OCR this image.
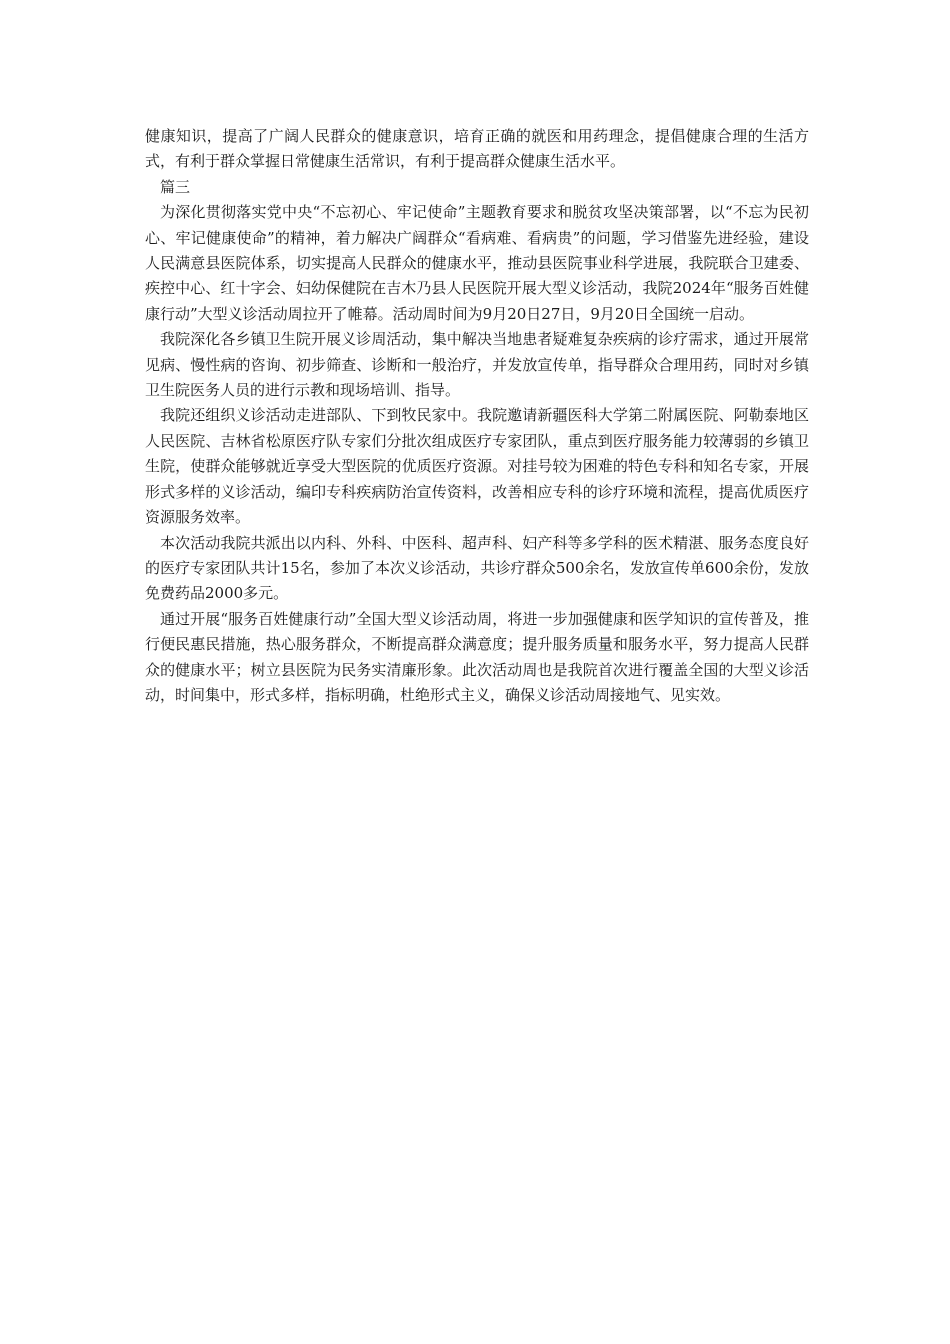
健康知识，提高了广阔人民群众的健康意识，培育正确的就医和用药理念，提倡健康合理的生活方式，有利于群众掌握日常健康生活常识，有利于提高群众健康生活水平。

篇三

为深化贯彻落实党中央“不忘初心、牢记使命”主题教育要求和脱贫攻坚决策部署，以“不忘为民初心、牢记健康使命”的精神，着力解决广阔群众“看病难、看病贵”的问题，学习借鉴先进经验，建设人民满意县医院体系，切实提高人民群众的健康水平，推动县医院事业科学进展，我院联合卫建委、疾控中心、红十字会、妇幼保健院在吉木乃县人民医院开展大型义诊活动，我院2024年“服务百姓健康行动”大型义诊活动周拉开了帷幕。活动周时间为9月20日27日，9月20日全国统一启动。

我院深化各乡镇卫生院开展义诊周活动，集中解决当地患者疑难复杂疾病的诊疗需求，通过开展常见病、慢性病的咨询、初步筛查、诊断和一般治疗，并发放宣传单，指导群众合理用药，同时对乡镇卫生院医务人员的进行示教和现场培训、指导。

我院还组织义诊活动走进部队、下到牧民家中。我院邀请新疆医科大学第二附属医院、阿勒泰地区人民医院、吉林省松原医疗队专家们分批次组成医疗专家团队，重点到医疗服务能力较薄弱的乡镇卫生院，使群众能够就近享受大型医院的优质医疗资源。对挂号较为困难的特色专科和知名专家，开展形式多样的义诊活动，编印专科疾病防治宣传资料，改善相应专科的诊疗环境和流程，提高优质医疗资源服务效率。

本次活动我院共派出以内科、外科、中医科、超声科、妇产科等多学科的医术精湛、服务态度良好的医疗专家团队共计15名，参加了本次义诊活动，共诊疗群众500余名，发放宣传单600余份，发放免费药品2000多元。

通过开展“服务百姓健康行动”全国大型义诊活动周，将进一步加强健康和医学知识的宣传普及，推行便民惠民措施，热心服务群众，不断提高群众满意度；提升服务质量和服务水平，努力提高人民群众的健康水平；树立县医院为民务实清廉形象。此次活动周也是我院首次进行覆盖全国的大型义诊活动，时间集中，形式多样，指标明确，杜绝形式主义，确保义诊活动周接地气、见实效。
